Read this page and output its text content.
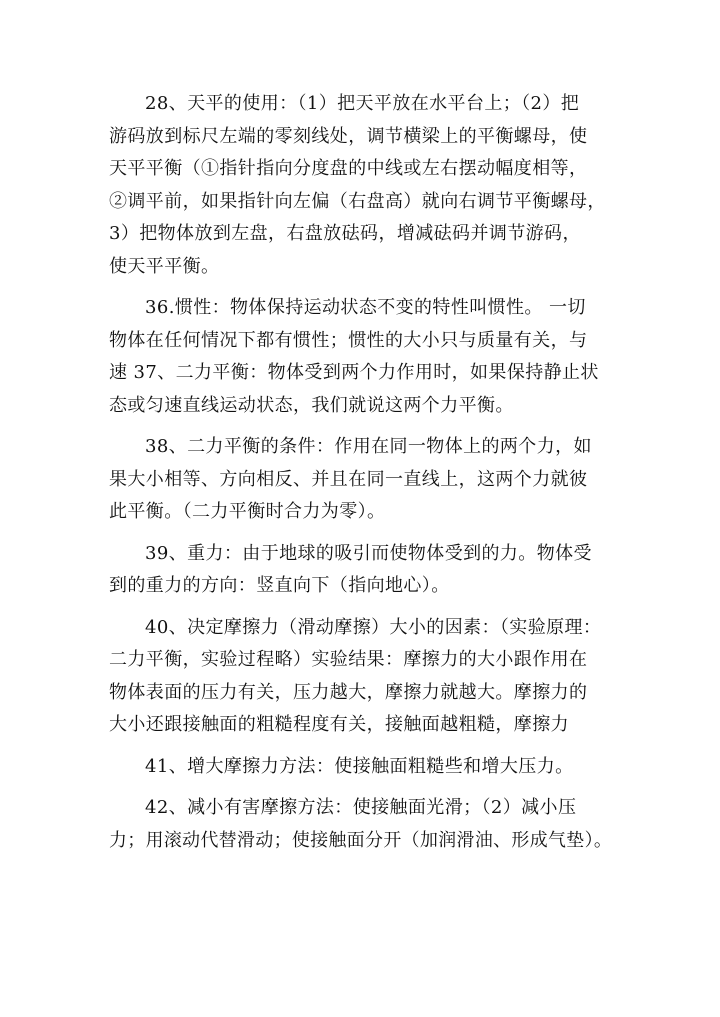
28、天平的使用：（1）把天平放在水平台上；（2）把
游码放到标尺左端的零刻线处，调节横梁上的平衡螺母，使
天平平衡（①指针指向分度盘的中线或左右摆动幅度相等，
②调平前，如果指针向左偏（右盘高）就向右调节平衡螺母，
3）把物体放到左盘，右盘放砝码，增减砝码并调节游码，
使天平平衡。

36.惯性：物体保持运动状态不变的特性叫惯性。 一切
物体在任何情况下都有惯性；惯性的大小只与质量有关，与
速 37、二力平衡：物体受到两个力作用时，如果保持静止状
态或匀速直线运动状态，我们就说这两个力平衡。

38、二力平衡的条件：作用在同一物体上的两个力，如
果大小相等、方向相反、并且在同一直线上，这两个力就彼
此平衡。（二力平衡时合力为零）。

39、重力：由于地球的吸引而使物体受到的力。物体受
到的重力的方向：竖直向下（指向地心）。

40、决定摩擦力（滑动摩擦）大小的因素：（实验原理：
二力平衡，实验过程略）实验结果：摩擦力的大小跟作用在
物体表面的压力有关，压力越大，摩擦力就越大。摩擦力的
大小还跟接触面的粗糙程度有关，接触面越粗糙，摩擦力

41、增大摩擦力方法：使接触面粗糙些和增大压力。

42、减小有害摩擦方法：使接触面光滑；（2）减小压
力；用滚动代替滑动；使接触面分开（加润滑油、形成气垫）。
